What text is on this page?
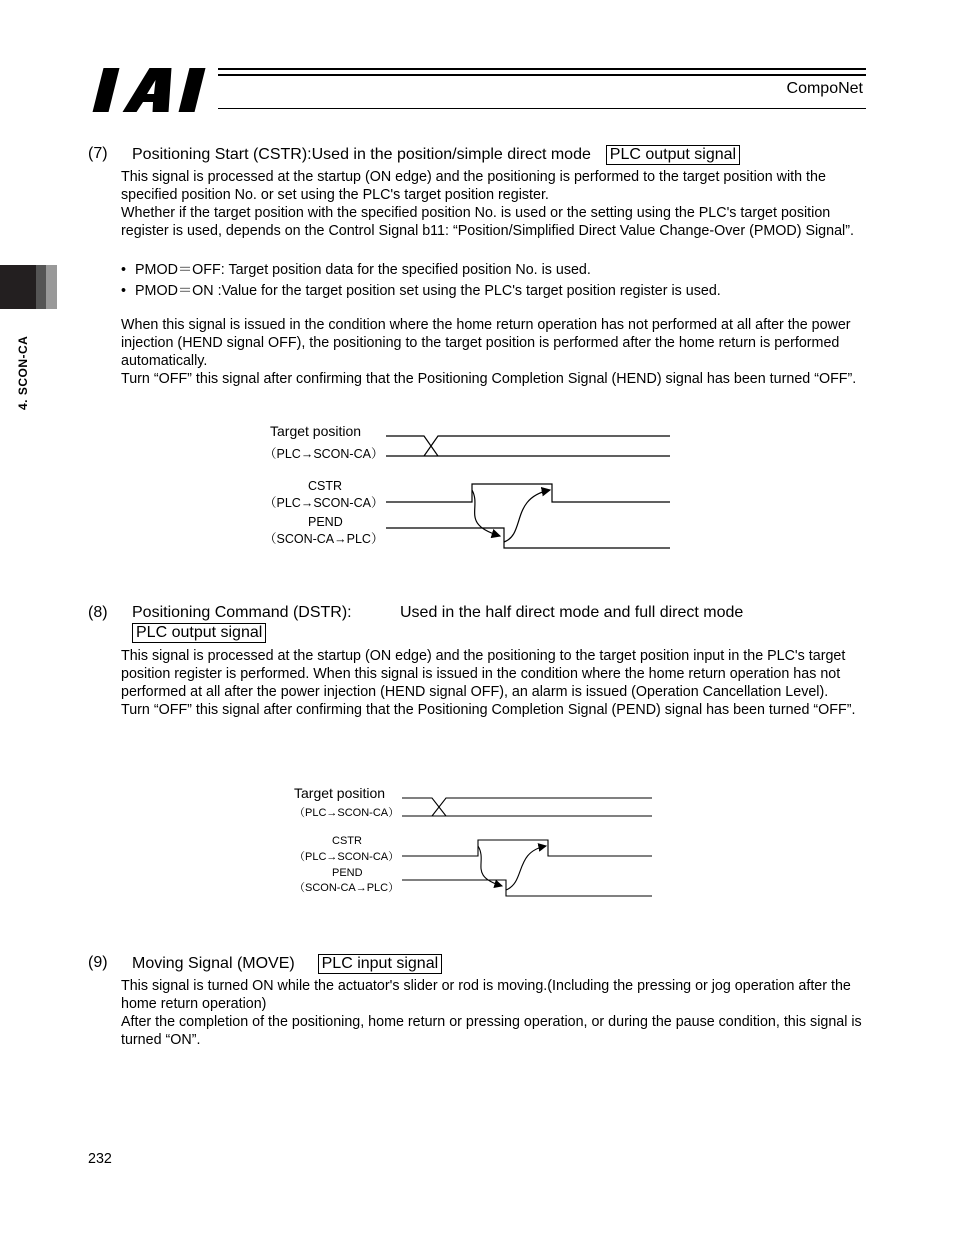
CompoNet
4. SCON-CA
(7) Positioning Start (CSTR):Used in the position/simple direct mode PLC output signal

This signal is processed at the startup (ON edge) and the positioning is performed to the target position with the specified position No. or set using the PLC's target position register.

Whether if the target position with the specified position No. is used or the setting using the PLC's target position register is used, depends on the Control Signal b11: “Position/Simplified Direct Value Change-Over (PMOD) Signal”.

• PMOD＝OFF: Target position data for the specified position No. is used.
• PMOD＝ON :Value for the target position set using the PLC's target position register is used.

When this signal is issued in the condition where the home return operation has not performed at all after the power injection (HEND signal OFF), the positioning to the target position is performed after the home return is performed automatically.

Turn “OFF” this signal after confirming that the Positioning Completion Signal (HEND) signal has been turned “OFF”.

Target position
（PLC→SCON-CA）
CSTR
（PLC→SCON-CA）
PEND
（SCON-CA→PLC）
(8) Positioning Command (DSTR):	Used in the half direct mode and full direct mode
PLC output signal

This signal is processed at the startup (ON edge) and the positioning to the target position input in the PLC's target position register is performed. When this signal is issued in the condition where the home return operation has not performed at all after the power injection (HEND signal OFF), an alarm is issued (Operation Cancellation Level).

Turn “OFF” this signal after confirming that the Positioning Completion Signal (PEND) signal has been turned “OFF”.

Target position
（PLC→SCON-CA）
CSTR
（PLC→SCON-CA）
PEND
（SCON-CA→PLC）
(9) Moving Signal (MOVE) PLC input signal

This signal is turned ON while the actuator's slider or rod is moving.(Including the pressing or jog operation after the home return operation)

After the completion of the positioning, home return or pressing operation, or during the pause condition, this signal is turned “ON”.

232
